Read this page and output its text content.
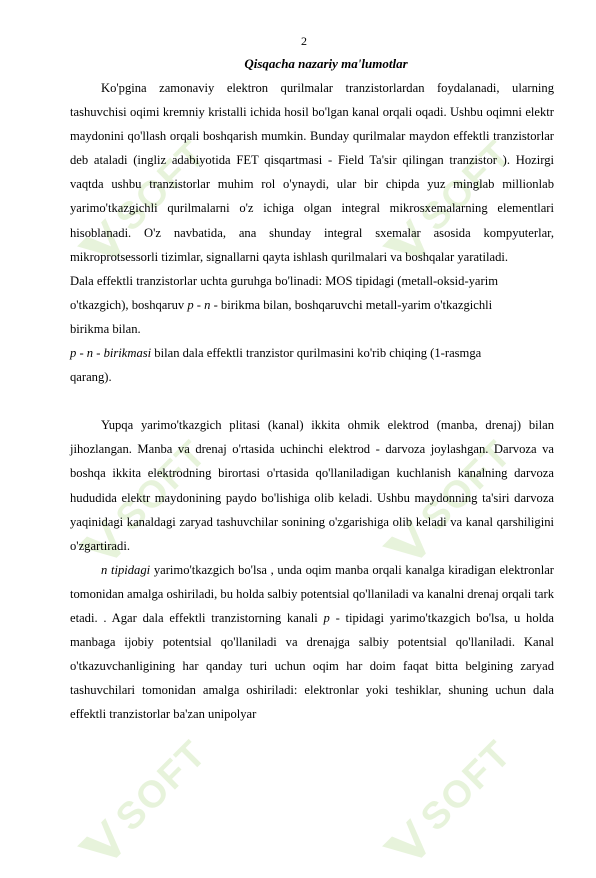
SOFT	SOFT
SOFT	SOFT
SOFT	SOFT
2
Qisqacha nazariy ma'lumotlar

Ko'pgina zamonaviy elektron qurilmalar tranzistorlardan foydalanadi, ularning tashuvchisi oqimi kremniy kristalli ichida hosil bo'lgan kanal orqali oqadi. Ushbu oqimni elektr maydonini qo'llash orqali boshqarish mumkin. Bunday qurilmalar maydon effektli tranzistorlar deb ataladi (ingliz adabiyotida FET qisqartmasi - Field Ta'sir qilingan tranzistor ). Hozirgi vaqtda ushbu tranzistorlar muhim rol o'ynaydi, ular bir chipda yuz minglab millionlab yarimo'tkazgichli qurilmalarni o'z ichiga olgan integral mikrosxemalarning elementlari hisoblanadi. O'z navbatida, ana shunday integral sxemalar asosida kompyuterlar, mikroprotsessorli tizimlar, signallarni qayta ishlash qurilmalari va boshqalar yaratiladi.

Dala effektli tranzistorlar uchta guruhga bo'linadi: MOS tipidagi (metall-oksid-yarim
o'tkazgich), boshqaruv p - n - birikma bilan, boshqaruvchi metall-yarim o'tkazgichli
birikma bilan.

p - n - birikmasi bilan dala effektli tranzistor qurilmasini ko'rib chiqing (1-rasmga
qarang).

Yupqa yarimo'tkazgich plitasi (kanal) ikkita ohmik elektrod (manba, drenaj) bilan jihozlangan. Manba va drenaj o'rtasida uchinchi elektrod - darvoza joylashgan. Darvoza va boshqa ikkita elektrodning birortasi o'rtasida qo'llaniladigan kuchlanish kanalning darvoza hududida elektr maydonining paydo bo'lishiga olib keladi. Ushbu maydonning ta'siri darvoza yaqinidagi kanaldagi zaryad tashuvchilar sonining o'zgarishiga olib keladi va kanal qarshiligini o'zgartiradi.

n tipidagi yarimo'tkazgich bo'lsa , unda oqim manba orqali kanalga kiradigan elektronlar tomonidan amalga oshiriladi, bu holda salbiy potentsial qo'llaniladi va kanalni drenaj orqali tark etadi. . Agar dala effektli tranzistorning kanali p - tipidagi yarimo'tkazgich bo'lsa, u holda manbaga ijobiy potentsial qo'llaniladi va drenajga salbiy potentsial qo'llaniladi. Kanal o'tkazuvchanligining har qanday turi uchun oqim har doim faqat bitta belgining zaryad tashuvchilari tomonidan amalga oshiriladi: elektronlar yoki teshiklar, shuning uchun dala effektli tranzistorlar ba'zan unipolyar
